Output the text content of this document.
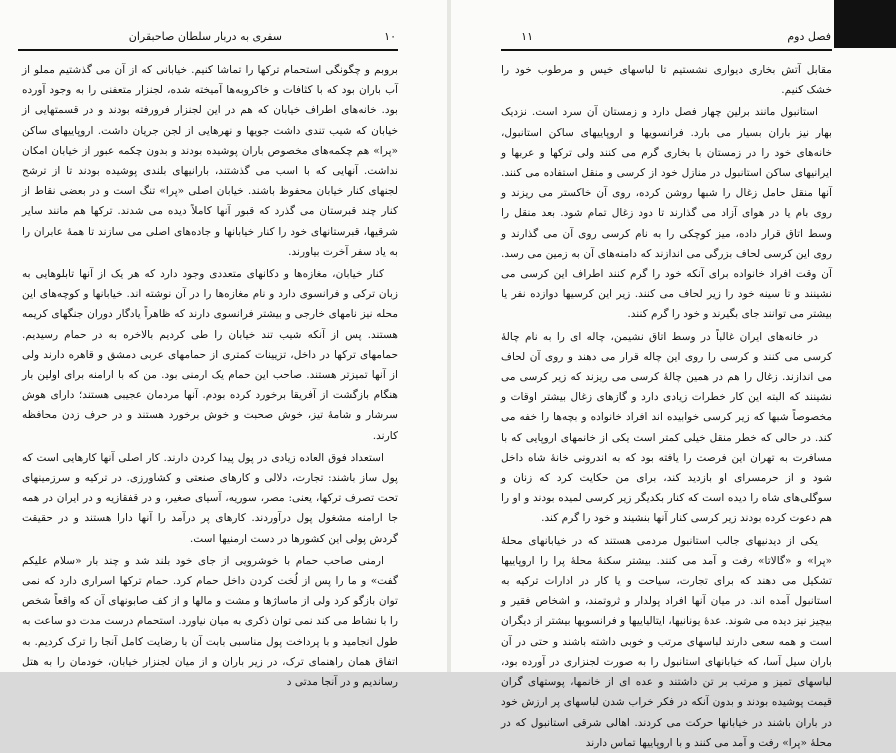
۱۰
سفری به دربار سلطان صاحبقران

بروبم و چگونگی استحمام ترکها را تماشا کنیم. خیابانی که از آن می گذشتیم مملو از آب باران بود که با کثافات و خاکروبه‌ها آمیخته شده، لجنزار متعفنی را به وجود آورده بود. خانه‌های اطراف خیابان که هم در این لجنزار فرورفته بودند و در قسمتهایی از خیابان که شیب تندی داشت جویها و نهرهایی از لجن جریان داشت. اروپاییهای ساکن «پرا» هم چکمه‌های مخصوص باران پوشیده بودند و بدون چکمه عبور از خیابان امکان نداشت. آنهایی که با اسب می گذشتند، بارانیهای بلندی پوشیده بودند تا از ترشح لجنهای کنار خیابان محفوظ باشند. خیابان اصلی «پرا» تنگ است و در بعضی نقاط از کنار چند قبرستان می گذرد که قبور آنها کاملاً دیده می شدند. ترکها هم مانند سایر شرقیها، قبرستانهای خود را کنار خیابانها و جاده‌های اصلی می سازند تا همهٔ عابران را به یاد سفر آخرت بیاورند.

کنار خیابان، مغازه‌ها و دکانهای متعددی وجود دارد که هر یک از آنها تابلوهایی به زبان ترکی و فرانسوی دارد و نام مغازه‌ها را در آن نوشته اند. خیابانها و کوچه‌های این محله نیز نامهای خارجی و بیشتر فرانسوی دارند که ظاهراً یادگار دوران جنگهای کریمه هستند. پس از آنکه شیب تند خیابان را طی کردیم بالاخره به در حمام رسیدیم. حمامهای ترکها در داخل، تزیینات کمتری از حمامهای عربی دمشق و قاهره دارند ولی از آنها تمیزتر هستند. صاحب این حمام یک ارمنی بود. من که با ارامنه برای اولین بار هنگام بازگشت از آفریقا برخورد کرده بودم. آنها مردمان عجیبی هستند؛ دارای هوش سرشار و شامهٔ تیز، خوش صحبت و خوش برخورد هستند و در حرف زدن محافظه کارند.

استعداد فوق العاده زیادی در پول پیدا کردن دارند. کار اصلی آنها کارهایی است که پول ساز باشند: تجارت، دلالی و کارهای صنعتی و کشاورزی. در ترکیه و سرزمینهای تحت تصرف ترکها، یعنی: مصر، سوریه، آسیای صغیر، و در قفقازیه و در ایران در همه جا ارامنه مشغول پول درآوردند. کارهای پر درآمد را آنها دارا هستند و در حقیقت گردش پولی این کشورها در دست ارمنیها است.

ارمنی صاحب حمام با خوشرویی از جای خود بلند شد و چند بار «سلام علیکم گفت» و ما را پس از لُخت کردن داخل حمام کرد. حمام ترکها اسراری دارد که نمی توان بازگو کرد ولی از ماساژها و مشت و مالها و از کف صابونهای آن که واقعاً شخص را با نشاط می کند نمی توان ذکری به میان نیاورد. استحمام درست مدت دو ساعت به طول انجامید و با پرداخت پول مناسبی بابت آن با رضایت کامل آنجا را ترک کردیم. به اتفاق همان راهنمای ترک، در زیر باران و از میان لجنزار خیابان، خودمان را به هتل رساندیم و در آنجا مدتی د

۱۱	فصل دوم

مقابل آتش بخاری دیواری نشستیم تا لباسهای خیس و مرطوب خود را خشک کنیم.

استانبول مانند برلین چهار فصل دارد و زمستان آن سرد است. نزدیک بهار نیز باران بسیار می بارد. فرانسویها و اروپاییهای ساکن استانبول، خانه‌های خود را در زمستان با بخاری گرم می کنند ولی ترکها و عربها و ایرانیهای ساکن استانبول در منازل خود از کرسی و منقل استفاده می کنند. آنها منقل حامل زغال را شبها روشن کرده، روی آن خاکستر می ریزند و روی بام یا در هوای آزاد می گذارند تا دود زغال تمام شود. بعد منقل را وسط اتاق قرار داده، میز کوچکی را به نام کرسی روی آن می گذارند و روی این کرسی لحاف بزرگی می اندازند که دامنه‌های آن به زمین می رسد. آن وقت افراد خانواده برای آنکه خود را گرم کنند اطراف این کرسی می نشینند و تا سینه خود را زیر لحاف می کنند. زیر این کرسیها دوازده نفر یا بیشتر می توانند جای بگیرند و خود را گرم کنند.

در خانه‌های ایران غالباً در وسط اتاق نشیمن، چاله ای را به نام چالهٔ کرسی می کنند و کرسی را روی این چاله قرار می دهند و روی آن لحاف می اندازند. زغال را هم در همین چالهٔ کرسی می ریزند که زیر کرسی می نشینند که البته این کار خطرات زیادی دارد و گازهای زغال بیشتر اوقات و مخصوصاً شبها که زیر کرسی خوابیده اند افراد خانواده و بچه‌ها را خفه می کند. در حالی که خطر منقل خیلی کمتر است یکی از خانمهای اروپایی که با مسافرت به تهران این فرصت را یافته بود که به اندرونی خانهٔ شاه داخل شود و از حرمسرای او بازدید کند، برای من حکایت کرد که زنان و سوگلی‌های شاه را دیده است که کنار بکدیگر زیر کرسی لمیده بودند و او را هم دعوت کرده بودند زیر کرسی کنار آنها بنشیند و خود را گرم کند.

یکی از دیدنیهای جالب استانبول مردمی هستند که در خیابانهای محلهٔ «پرا» و «گالاتا» رفت و آمد می کنند. بیشتر سکنهٔ محلهٔ پرا را اروپاییها تشکیل می دهند که برای تجارت، سیاحت و یا کار در ادارات ترکیه به استانبول آمده اند. در میان آنها افراد پولدار و ثروتمند، و اشخاص فقیر و بیچیز نیز دیده می شوند. عدهٔ یونانیها، ایتالیاییها و فرانسویها بیشتر از دیگران است و همه سعی دارند لباسهای مرتب و خوبی داشته باشند و حتی در آن باران سیل آسا، که خیابانهای استانبول را به صورت لجنزاری در آورده بود، لباسهای تمیز و مرتب بر تن داشتند و عده ای از خانمها، پوستهای گران قیمت پوشیده بودند و بدون آنکه در فکر خراب شدن لباسهای پر ارزش خود در باران باشند در خیابانها حرکت می کردند. اهالی شرقی استانبول که در محلهٔ «پرا» رفت و آمد می کنند و با اروپاییها تماس دارند
